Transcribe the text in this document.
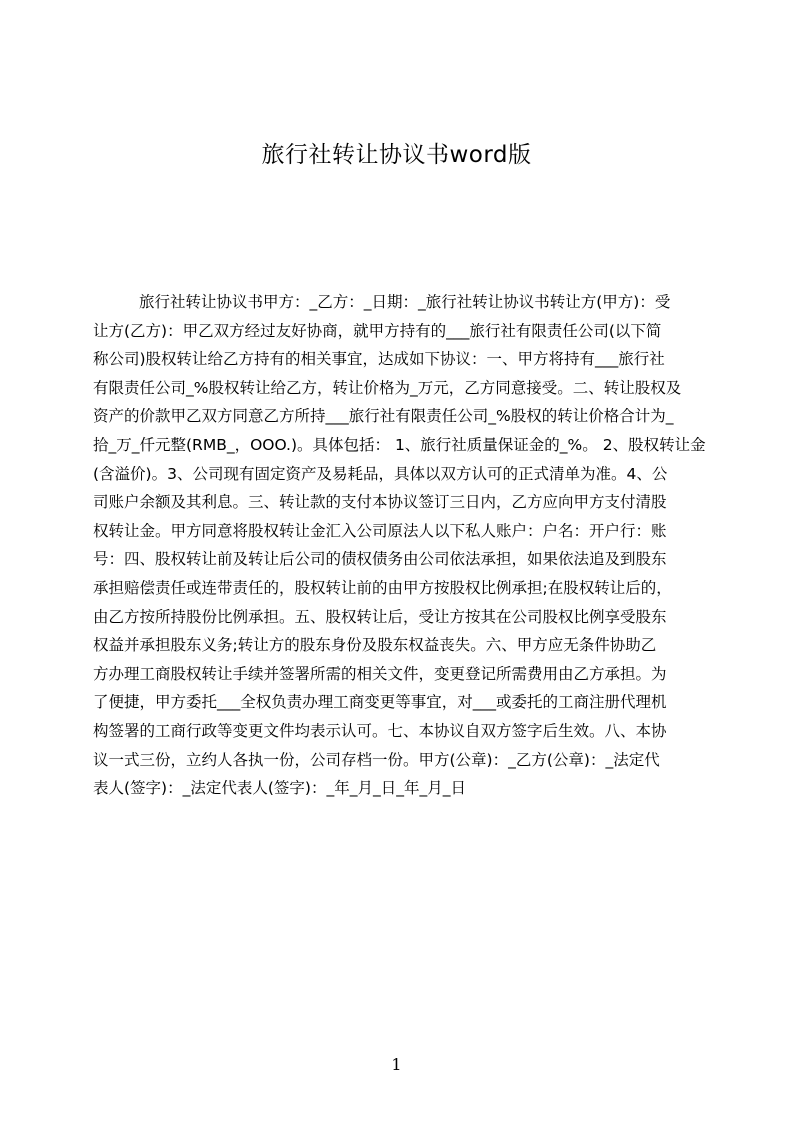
旅行社转让协议书word版
旅行社转让协议书甲方：_乙方：_日期：_旅行社转让协议书转让方(甲方)：受
让方(乙方)：甲乙双方经过友好协商，就甲方持有的___旅行社有限责任公司(以下简
称公司)股权转让给乙方持有的相关事宜，达成如下协议：一、甲方将持有___旅行社
有限责任公司_%股权转让给乙方，转让价格为_万元，乙方同意接受。二、转让股权及
资产的价款甲乙双方同意乙方所持___旅行社有限责任公司_%股权的转让价格合计为_
拾_万_仟元整(RMB_，OOO.)。具体包括： 1、旅行社质量保证金的_%。 2、股权转让金
(含溢价)。3、公司现有固定资产及易耗品，具体以双方认可的正式清单为准。4、公
司账户余额及其利息。三、转让款的支付本协议签订三日内，乙方应向甲方支付清股
权转让金。甲方同意将股权转让金汇入公司原法人以下私人账户：户名：开户行：账
号：四、股权转让前及转让后公司的债权债务由公司依法承担，如果依法追及到股东
承担赔偿责任或连带责任的，股权转让前的由甲方按股权比例承担;在股权转让后的，
由乙方按所持股份比例承担。五、股权转让后，受让方按其在公司股权比例享受股东
权益并承担股东义务;转让方的股东身份及股东权益丧失。六、甲方应无条件协助乙
方办理工商股权转让手续并签署所需的相关文件，变更登记所需费用由乙方承担。为
了便捷，甲方委托___全权负责办理工商变更等事宜，对___或委托的工商注册代理机
构签署的工商行政等变更文件均表示认可。七、本协议自双方签字后生效。八、本协
议一式三份，立约人各执一份，公司存档一份。甲方(公章)：_乙方(公章)：_法定代
表人(签字)：_法定代表人(签字)：_年_月_日_年_月_日
1
